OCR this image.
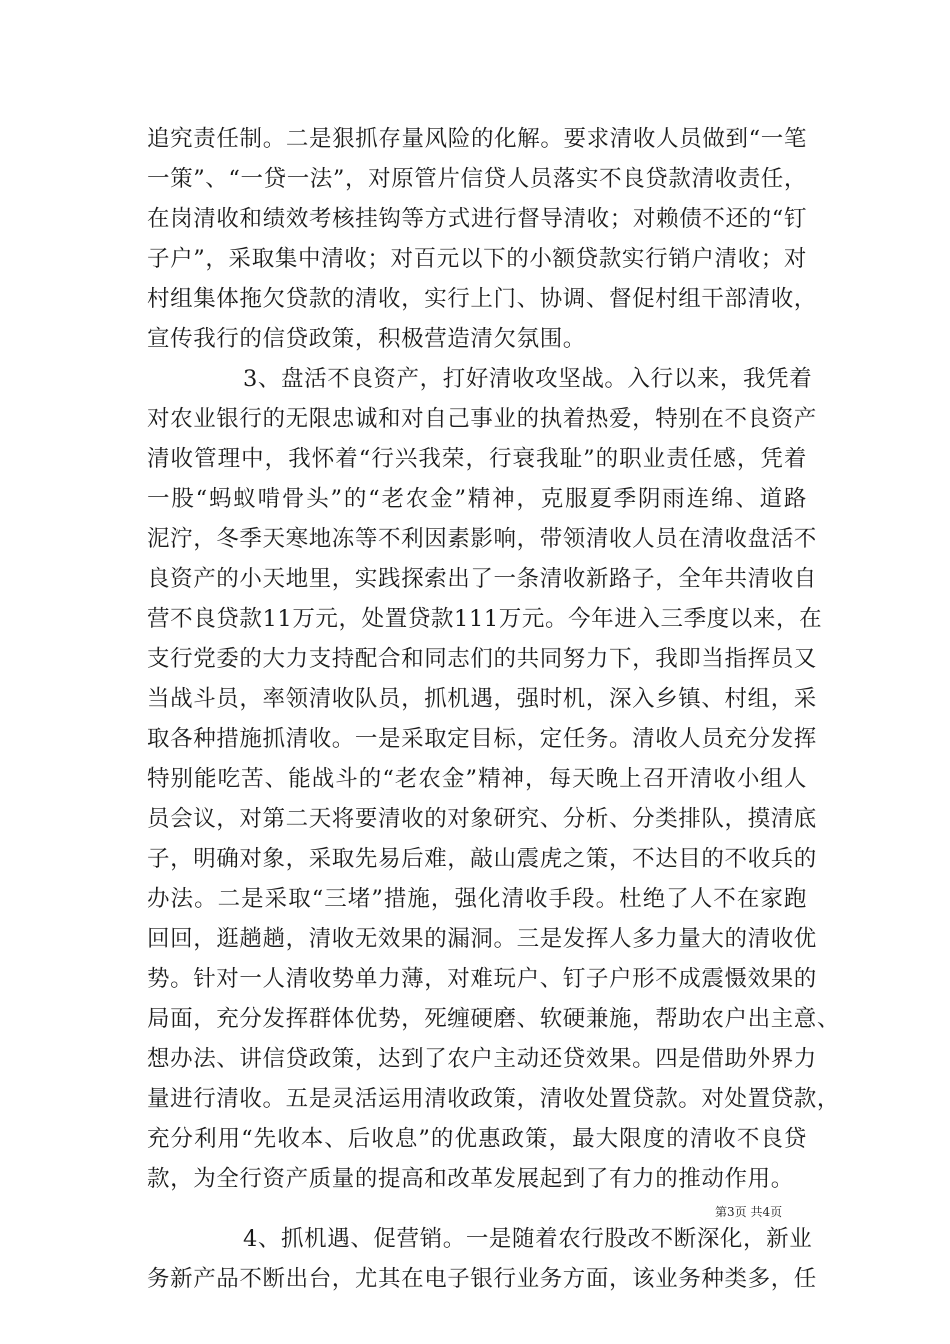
追究责任制。二是狠抓存量风险的化解。要求清收人员做到“一笔
一策”、“一贷一法”，对原管片信贷人员落实不良贷款清收责任，
在岗清收和绩效考核挂钩等方式进行督导清收；对赖债不还的“钉
子户”，采取集中清收；对百元以下的小额贷款实行销户清收；对
村组集体拖欠贷款的清收，实行上门、协调、督促村组干部清收，
宣传我行的信贷政策，积极营造清欠氛围。
3、盘活不良资产，打好清收攻坚战。入行以来，我凭着
对农业银行的无限忠诚和对自己事业的执着热爱，特别在不良资产
清收管理中，我怀着“行兴我荣，行衰我耻”的职业责任感，凭着
一股“蚂蚁啃骨头”的“老农金”精神，克服夏季阴雨连绵、道路
泥泞，冬季天寒地冻等不利因素影响，带领清收人员在清收盘活不
良资产的小天地里，实践探索出了一条清收新路子，全年共清收自
营不良贷款11万元，处置贷款111万元。今年进入三季度以来，在
支行党委的大力支持配合和同志们的共同努力下，我即当指挥员又
当战斗员，率领清收队员，抓机遇，强时机，深入乡镇、村组，采
取各种措施抓清收。一是采取定目标，定任务。清收人员充分发挥
特别能吃苦、能战斗的“老农金”精神，每天晚上召开清收小组人
员会议，对第二天将要清收的对象研究、分析、分类排队，摸清底
子，明确对象，采取先易后难，敲山震虎之策，不达目的不收兵的
办法。二是采取“三堵”措施，强化清收手段。杜绝了人不在家跑
回回，逛趟趟，清收无效果的漏洞。三是发挥人多力量大的清收优
势。针对一人清收势单力薄，对难玩户、钉子户形不成震慑效果的
局面，充分发挥群体优势，死缠硬磨、软硬兼施，帮助农户出主意、
想办法、讲信贷政策，达到了农户主动还贷效果。四是借助外界力
量进行清收。五是灵活运用清收政策，清收处置贷款。对处置贷款，
充分利用“先收本、后收息”的优惠政策，最大限度的清收不良贷
款，为全行资产质量的提高和改革发展起到了有力的推动作用。
4、抓机遇、促营销。一是随着农行股改不断深化，新业
务新产品不断出台，尤其在电子银行业务方面，该业务种类多，任
第3页 共4页
